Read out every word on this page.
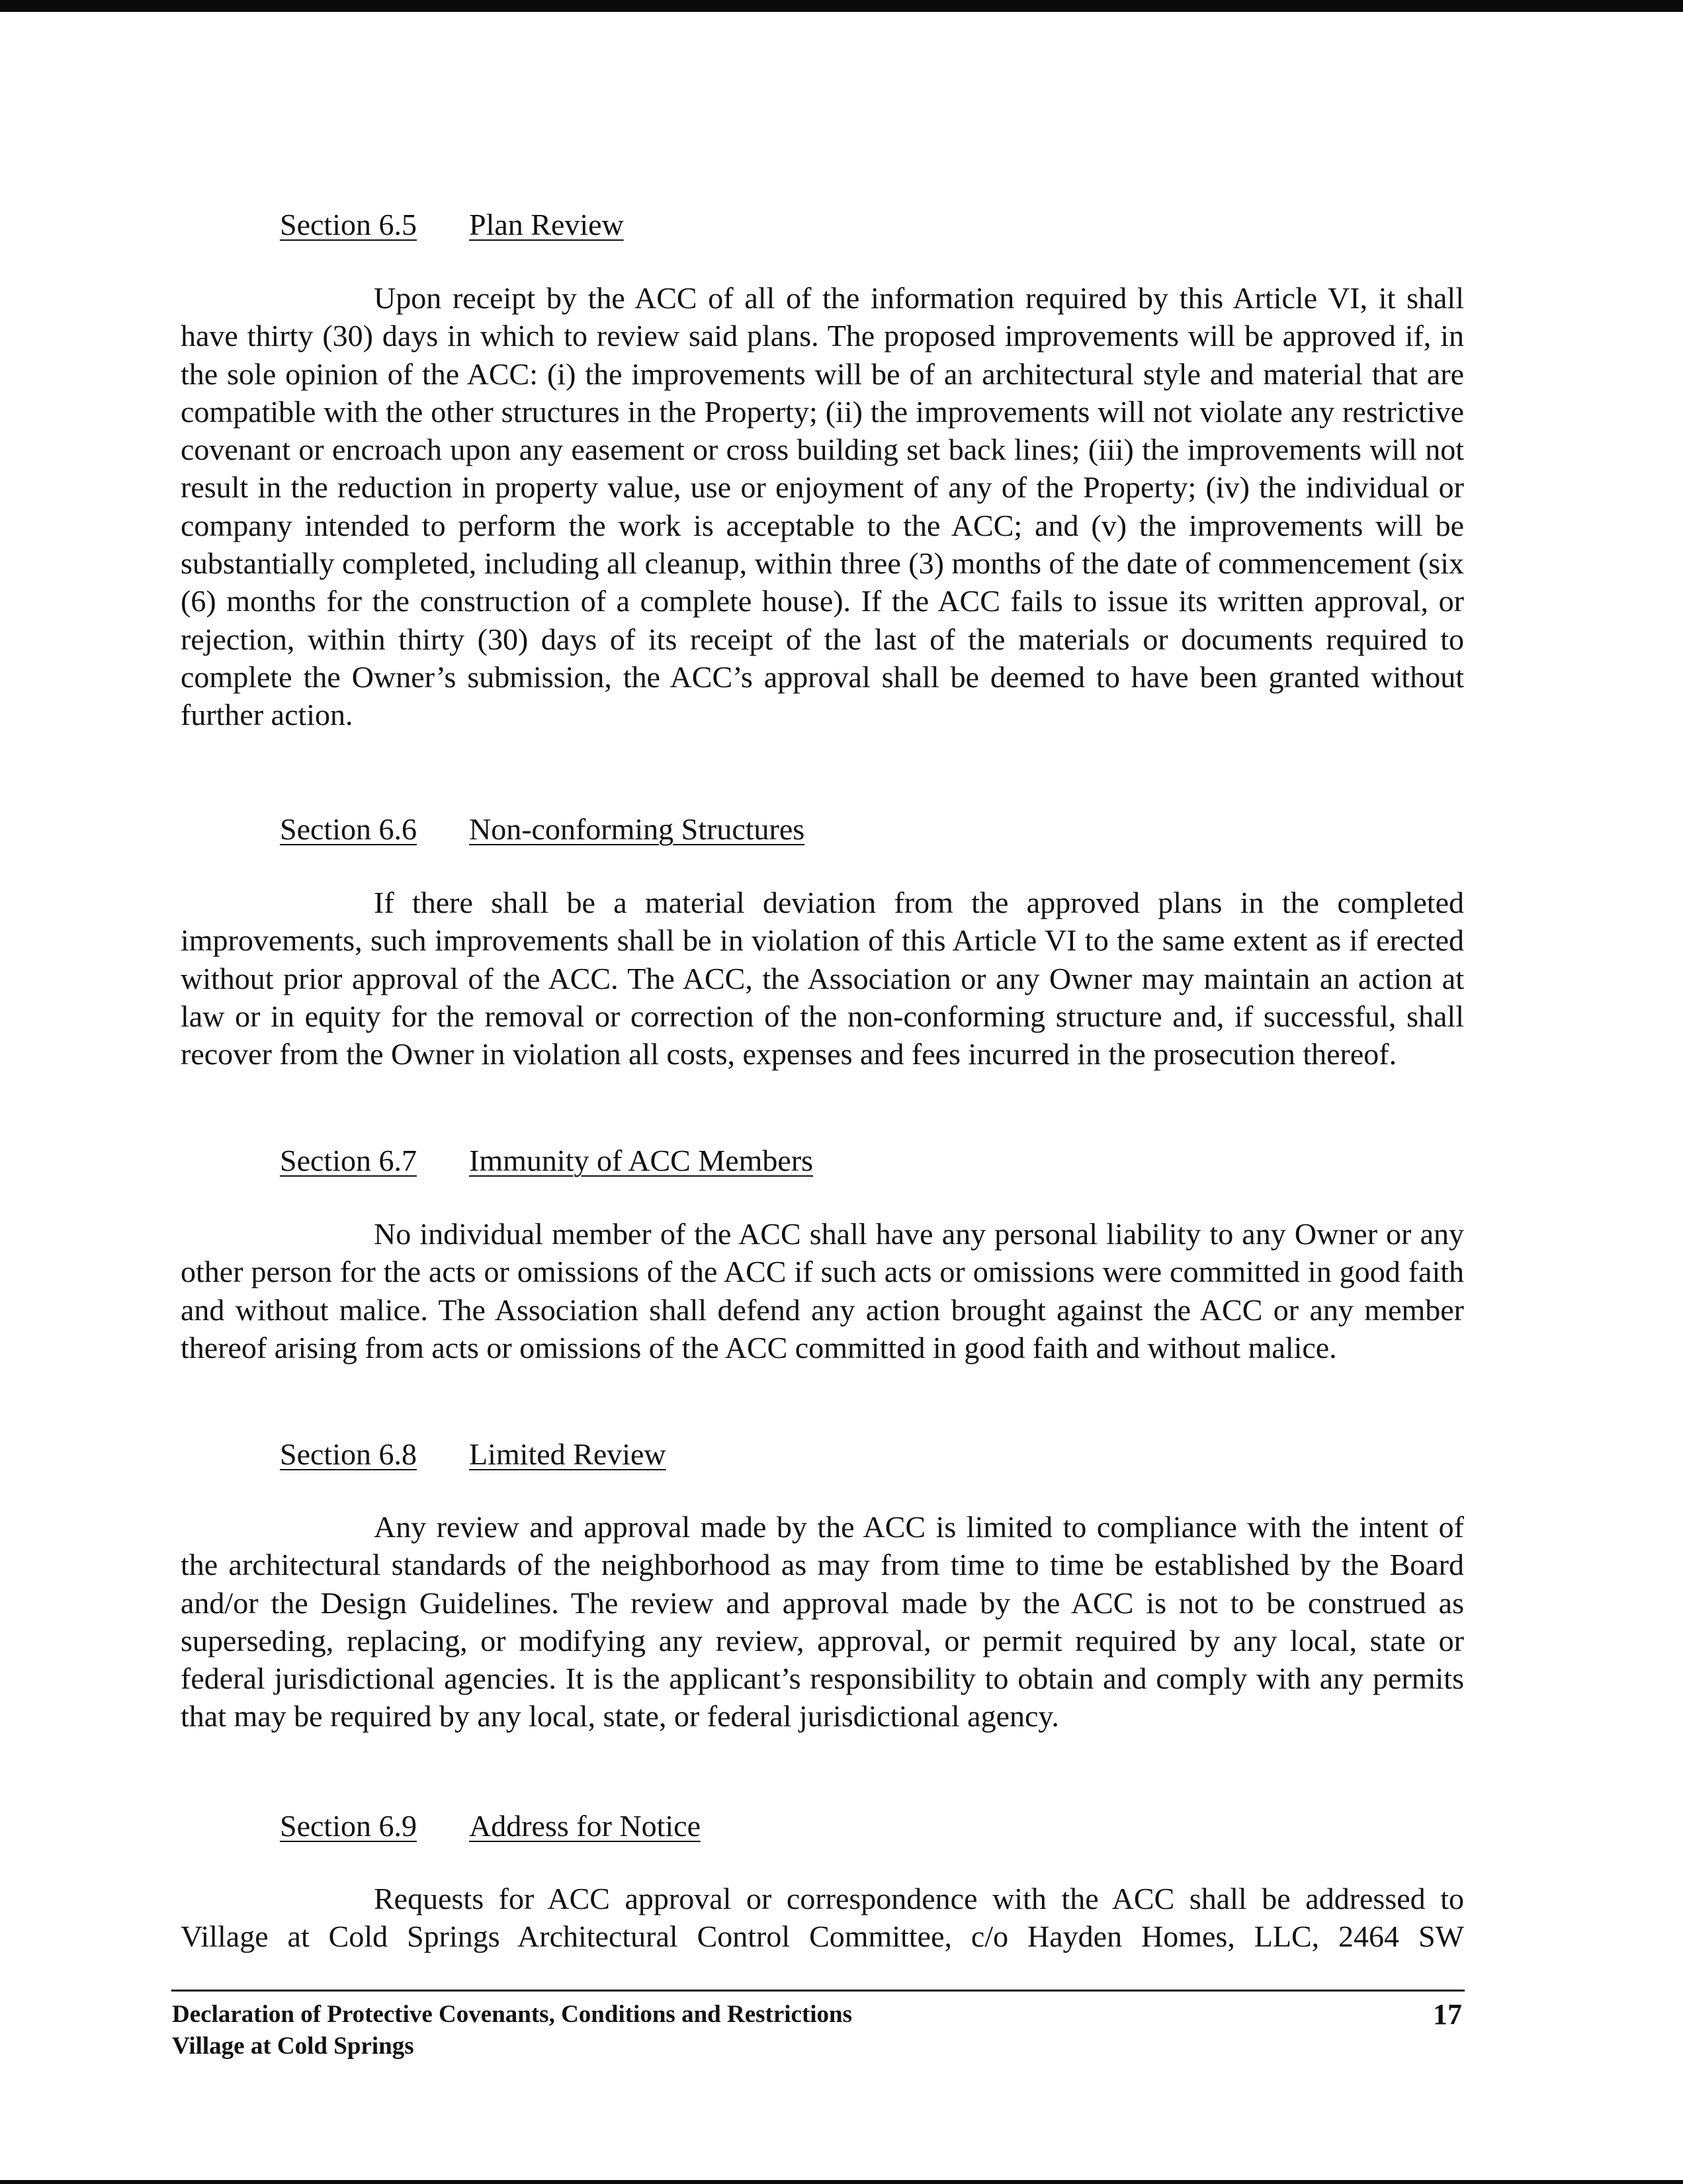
Section 6.5 Plan Review

Upon receipt by the ACC of all of the information required by this Article VI, it shall have thirty (30) days in which to review said plans. The proposed improvements will be approved if, in the sole opinion of the ACC: (i) the improvements will be of an architectural style and material that are compatible with the other structures in the Property; (ii) the improvements will not violate any restrictive covenant or encroach upon any easement or cross building set back lines; (iii) the improvements will not result in the reduction in property value, use or enjoyment of any of the Property; (iv) the individual or company intended to perform the work is acceptable to the ACC; and (v) the improvements will be substantially completed, including all cleanup, within three (3) months of the date of commencement (six (6) months for the construction of a complete house). If the ACC fails to issue its written approval, or rejection, within thirty (30) days of its receipt of the last of the materials or documents required to complete the Owner’s submission, the ACC’s approval shall be deemed to have been granted without further action.

Section 6.6 Non-conforming Structures

If there shall be a material deviation from the approved plans in the completed improvements, such improvements shall be in violation of this Article VI to the same extent as if erected without prior approval of the ACC. The ACC, the Association or any Owner may maintain an action at law or in equity for the removal or correction of the non-conforming structure and, if successful, shall recover from the Owner in violation all costs, expenses and fees incurred in the prosecution thereof.

Section 6.7 Immunity of ACC Members

No individual member of the ACC shall have any personal liability to any Owner or any other person for the acts or omissions of the ACC if such acts or omissions were committed in good faith and without malice. The Association shall defend any action brought against the ACC or any member thereof arising from acts or omissions of the ACC committed in good faith and without malice.

Section 6.8 Limited Review

Any review and approval made by the ACC is limited to compliance with the intent of the architectural standards of the neighborhood as may from time to time be established by the Board and/or the Design Guidelines. The review and approval made by the ACC is not to be construed as superseding, replacing, or modifying any review, approval, or permit required by any local, state or federal jurisdictional agencies. It is the applicant’s responsibility to obtain and comply with any permits that may be required by any local, state, or federal jurisdictional agency.

Section 6.9 Address for Notice

Requests for ACC approval or correspondence with the ACC shall be addressed to Village at Cold Springs Architectural Control Committee, c/o Hayden Homes, LLC, 2464 SW

Declaration of Protective Covenants, Conditions and Restrictions
Village at Cold Springs
17
